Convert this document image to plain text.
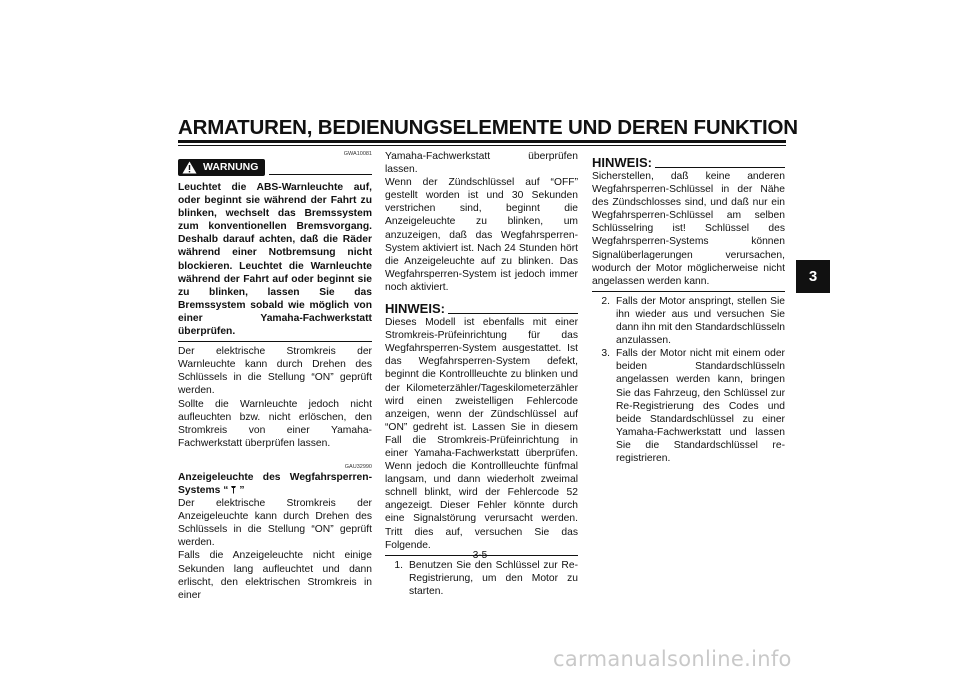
ARMATUREN, BEDIENUNGSELEMENTE UND DEREN FUNKTION
3
GWA10081
WARNUNG
Leuchtet die ABS-Warnleuchte auf, oder beginnt sie während der Fahrt zu blinken, wechselt das Bremssystem zum konventionellen Bremsvorgang. Deshalb darauf achten, daß die Räder während einer Notbremsung nicht blockieren. Leuchtet die Warnleuchte während der Fahrt auf oder beginnt sie zu blinken, lassen Sie das Bremssystem sobald wie möglich von einer Yamaha-Fachwerkstatt überprüfen.

Der elektrische Stromkreis der Warnleuchte kann durch Drehen des Schlüssels in die Stellung “ON” geprüft werden.

Sollte die Warnleuchte jedoch nicht aufleuchten bzw. nicht erlöschen, den Stromkreis von einer Yamaha-Fachwerkstatt überprüfen lassen.

GAU32990
Anzeigeleuchte des Wegfahrsperren-Systems “ ”

Der elektrische Stromkreis der Anzeigeleuchte kann durch Drehen des Schlüssels in die Stellung “ON” geprüft werden.

Falls die Anzeigeleuchte nicht einige Sekunden lang aufleuchtet und dann erlischt, den elektrischen Stromkreis in einer

Yamaha-Fachwerkstatt überprüfen lassen.

Wenn der Zündschlüssel auf “OFF” gestellt worden ist und 30 Sekunden verstrichen sind, beginnt die Anzeigeleuchte zu blinken, um anzuzeigen, daß das Wegfahrsperren-System aktiviert ist. Nach 24 Stunden hört die Anzeigeleuchte auf zu blinken. Das Wegfahrsperren-System ist jedoch immer noch aktiviert.

HINWEIS:

Dieses Modell ist ebenfalls mit einer Stromkreis-Prüfeinrichtung für das Wegfahrsperren-System ausgestattet. Ist das Wegfahrsperren-System defekt, beginnt die Kontrollleuchte zu blinken und der Kilometerzähler/Tageskilometerzähler wird einen zweistelligen Fehlercode anzeigen, wenn der Zündschlüssel auf “ON” gedreht ist. Lassen Sie in diesem Fall die Stromkreis-Prüfeinrichtung in einer Yamaha-Fachwerkstatt überprüfen. Wenn jedoch die Kontrollleuchte fünfmal langsam, und dann wiederholt zweimal schnell blinkt, wird der Fehlercode 52 angezeigt. Dieser Fehler könnte durch eine Signalstörung verursacht werden. Tritt dies auf, versuchen Sie das Folgende.

1. Benutzen Sie den Schlüssel zur Re-Registrierung, um den Motor zu starten.
HINWEIS:

Sicherstellen, daß keine anderen Wegfahrsperren-Schlüssel in der Nähe des Zündschlosses sind, und daß nur ein Wegfahrsperren-Schlüssel am selben Schlüsselring ist! Schlüssel des Wegfahrsperren-Systems können Signalüberlagerungen verursachen, wodurch der Motor möglicherweise nicht angelassen werden kann.

2. Falls der Motor anspringt, stellen Sie ihn wieder aus und versuchen Sie dann ihn mit den Standardschlüsseln anzulassen.
3. Falls der Motor nicht mit einem oder beiden Standardschlüsseln angelassen werden kann, bringen Sie das Fahrzeug, den Schlüssel zur Re-Registrierung des Codes und beide Standardschlüssel zu einer Yamaha-Fachwerkstatt und lassen Sie die Standardschlüssel re-registrieren.
3-5
carmanualsonline.info
